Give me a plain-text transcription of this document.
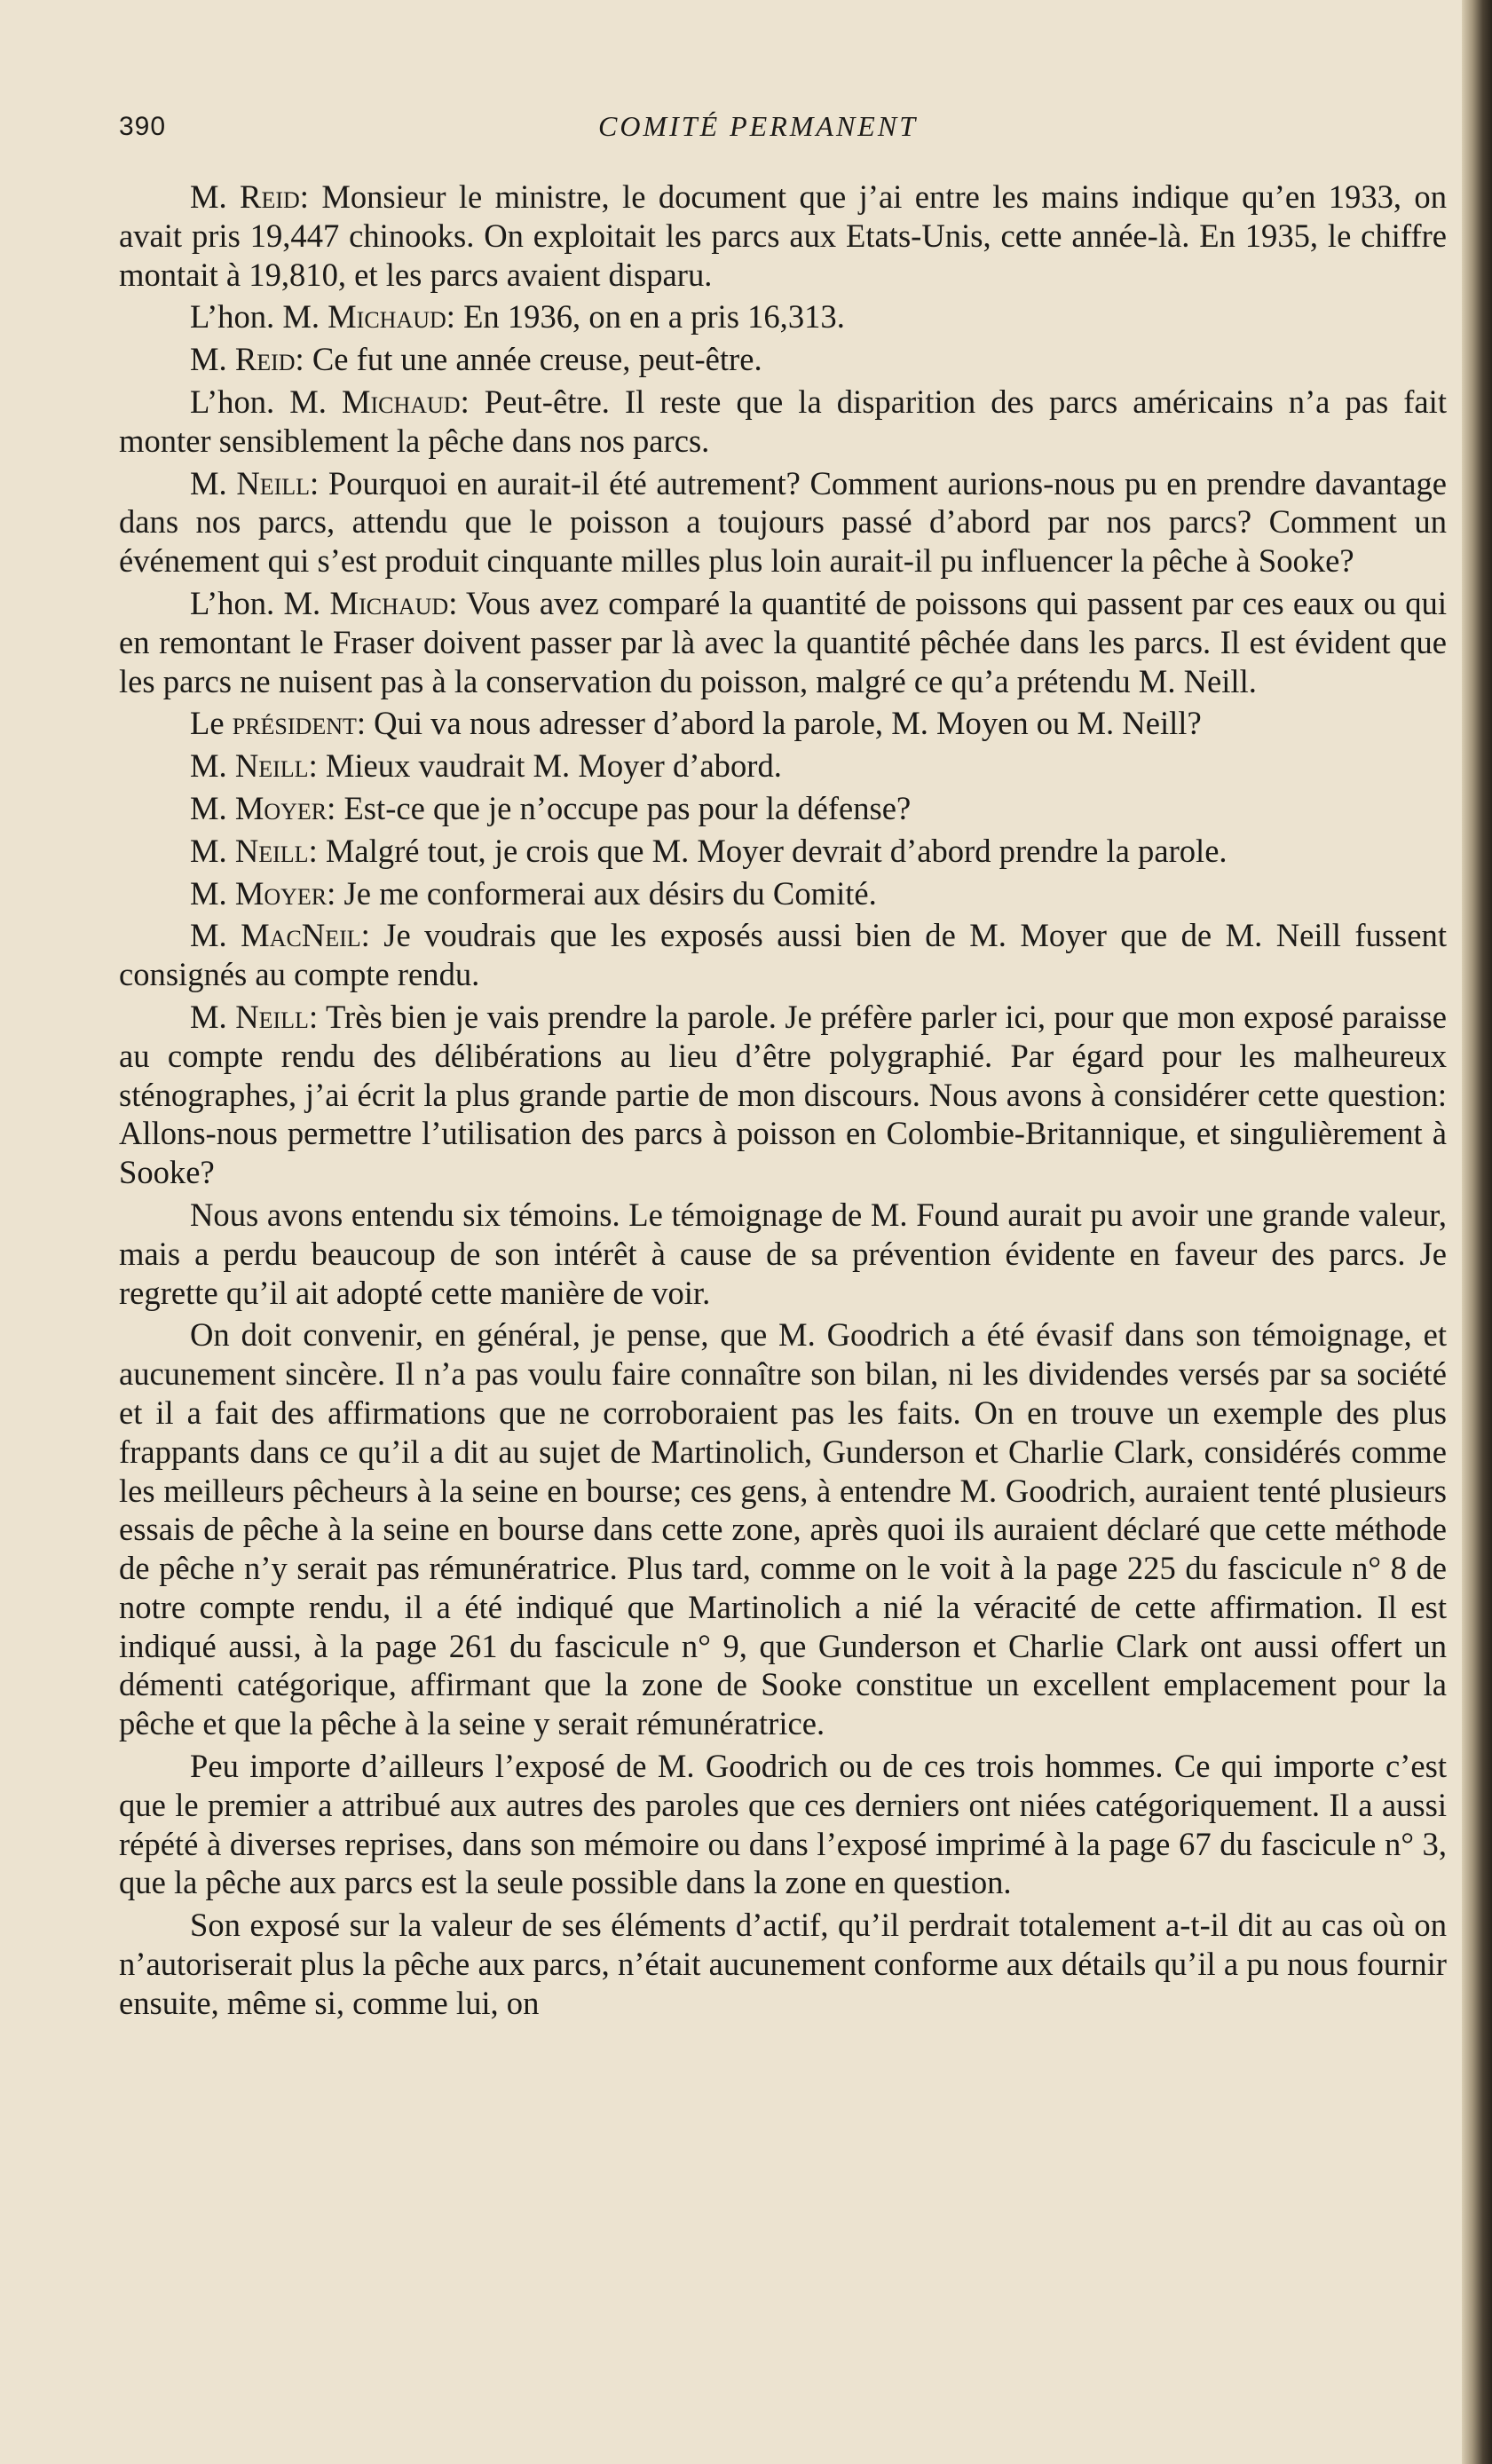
390	COMITÉ PERMANENT

M. Reid: Monsieur le ministre, le document que j’ai entre les mains indique qu’en 1933, on avait pris 19,447 chinooks. On exploitait les parcs aux Etats-Unis, cette année-là. En 1935, le chiffre montait à 19,810, et les parcs avaient disparu.

L’hon. M. Michaud: En 1936, on en a pris 16,313.

M. Reid: Ce fut une année creuse, peut-être.

L’hon. M. Michaud: Peut-être. Il reste que la disparition des parcs américains n’a pas fait monter sensiblement la pêche dans nos parcs.

M. Neill: Pourquoi en aurait-il été autrement? Comment aurions-nous pu en prendre davantage dans nos parcs, attendu que le poisson a toujours passé d’abord par nos parcs? Comment un événement qui s’est produit cinquante milles plus loin aurait-il pu influencer la pêche à Sooke?

L’hon. M. Michaud: Vous avez comparé la quantité de poissons qui passent par ces eaux ou qui en remontant le Fraser doivent passer par là avec la quantité pêchée dans les parcs. Il est évident que les parcs ne nuisent pas à la conservation du poisson, malgré ce qu’a prétendu M. Neill.

Le président: Qui va nous adresser d’abord la parole, M. Moyen ou M. Neill?

M. Neill: Mieux vaudrait M. Moyer d’abord.

M. Moyer: Est-ce que je n’occupe pas pour la défense?

M. Neill: Malgré tout, je crois que M. Moyer devrait d’abord prendre la parole.

M. Moyer: Je me conformerai aux désirs du Comité.

M. MacNeil: Je voudrais que les exposés aussi bien de M. Moyer que de M. Neill fussent consignés au compte rendu.

M. Neill: Très bien je vais prendre la parole. Je préfère parler ici, pour que mon exposé paraisse au compte rendu des délibérations au lieu d’être polygraphié. Par égard pour les malheureux sténographes, j’ai écrit la plus grande partie de mon discours. Nous avons à considérer cette question: Allons-nous permettre l’utilisation des parcs à poisson en Colombie-Britannique, et singulièrement à Sooke?

Nous avons entendu six témoins. Le témoignage de M. Found aurait pu avoir une grande valeur, mais a perdu beaucoup de son intérêt à cause de sa prévention évidente en faveur des parcs. Je regrette qu’il ait adopté cette manière de voir.

On doit convenir, en général, je pense, que M. Goodrich a été évasif dans son témoignage, et aucunement sincère. Il n’a pas voulu faire connaître son bilan, ni les dividendes versés par sa société et il a fait des affirmations que ne corroboraient pas les faits. On en trouve un exemple des plus frappants dans ce qu’il a dit au sujet de Martinolich, Gunderson et Charlie Clark, considérés comme les meilleurs pêcheurs à la seine en bourse; ces gens, à entendre M. Goodrich, auraient tenté plusieurs essais de pêche à la seine en bourse dans cette zone, après quoi ils auraient déclaré que cette méthode de pêche n’y serait pas rémunératrice. Plus tard, comme on le voit à la page 225 du fascicule n° 8 de notre compte rendu, il a été indiqué que Martinolich a nié la véracité de cette affirmation. Il est indiqué aussi, à la page 261 du fascicule n° 9, que Gunderson et Charlie Clark ont aussi offert un démenti catégorique, affirmant que la zone de Sooke constitue un excellent emplacement pour la pêche et que la pêche à la seine y serait rémunératrice.

Peu importe d’ailleurs l’exposé de M. Goodrich ou de ces trois hommes. Ce qui importe c’est que le premier a attribué aux autres des paroles que ces derniers ont niées catégoriquement. Il a aussi répété à diverses reprises, dans son mémoire ou dans l’exposé imprimé à la page 67 du fascicule n° 3, que la pêche aux parcs est la seule possible dans la zone en question.

Son exposé sur la valeur de ses éléments d’actif, qu’il perdrait totalement a-t-il dit au cas où on n’autoriserait plus la pêche aux parcs, n’était aucunement conforme aux détails qu’il a pu nous fournir ensuite, même si, comme lui, on
